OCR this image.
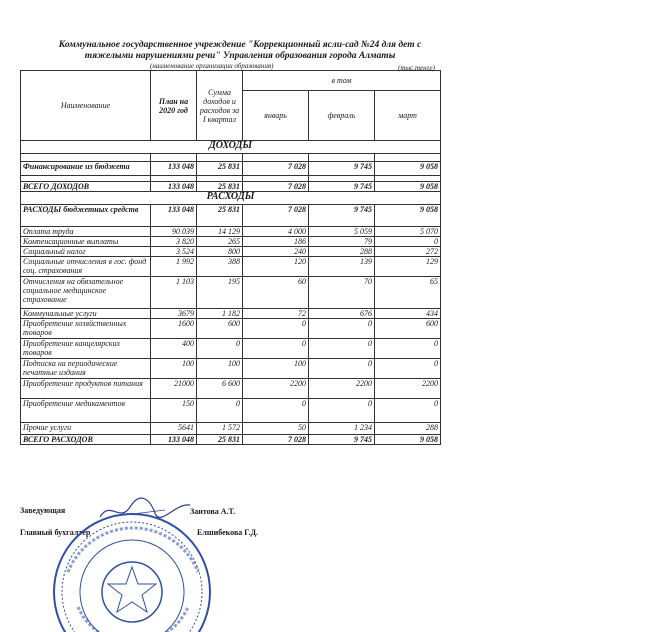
Коммунальное государственное учреждение "Коррекционный ясли-сад №24 для дет с
тяжелыми нарушениями речи" Управления образования города Алматы
(наименование организации образования)	(тыс.тенге)
Наименование	План на 2020 год	Сумма доходов и расходов за I квартал	в том		
			январь	февраль	март
ДОХОДЫ					

Финансирование из бюджета	133 048	25 831	7 028	9 745	9 058

ВСЕГО ДОХОДОВ	133 048	25 831	7 028	9 745	9 058
РАСХОДЫ					
РАСХОДЫ бюджетных средств	133 048	25 831	7 028	9 745	9 058
Оплата труда	90 039	14 129	4 000	5 059	5 070
Компенсационные выплаты	3 820	265	186	79	0
Социальный налог	3 524	800	240	288	272
Социальные отчисления в гос. фонд соц. страхования	1 992	388	120	139	129
Отчисления на обязательное социальное медицинское страхование	1 103	195	60	70	65
Коммунальные услуги	3679	1 182	72	676	434
Приобретение хозяйственных товаров	1600	600	0	0	600
Приобретение канцелярских товаров	400	0	0	0	0
Подписка на периодические печатные издания	100	100	100	0	0
Приобретение продуктов питания	21000	6 600	2200	2200	2200
Приобретение медикаментов	150	0	0	0	0
Прочие услуги	5641	1 572	50	1 234	288
ВСЕГО РАСХОДОВ	133 048	25 831	7 028	9 745	9 058
Заведующая	Заитова А.Т.
Главный бухгалтер	Елшибекова Г.Д.
